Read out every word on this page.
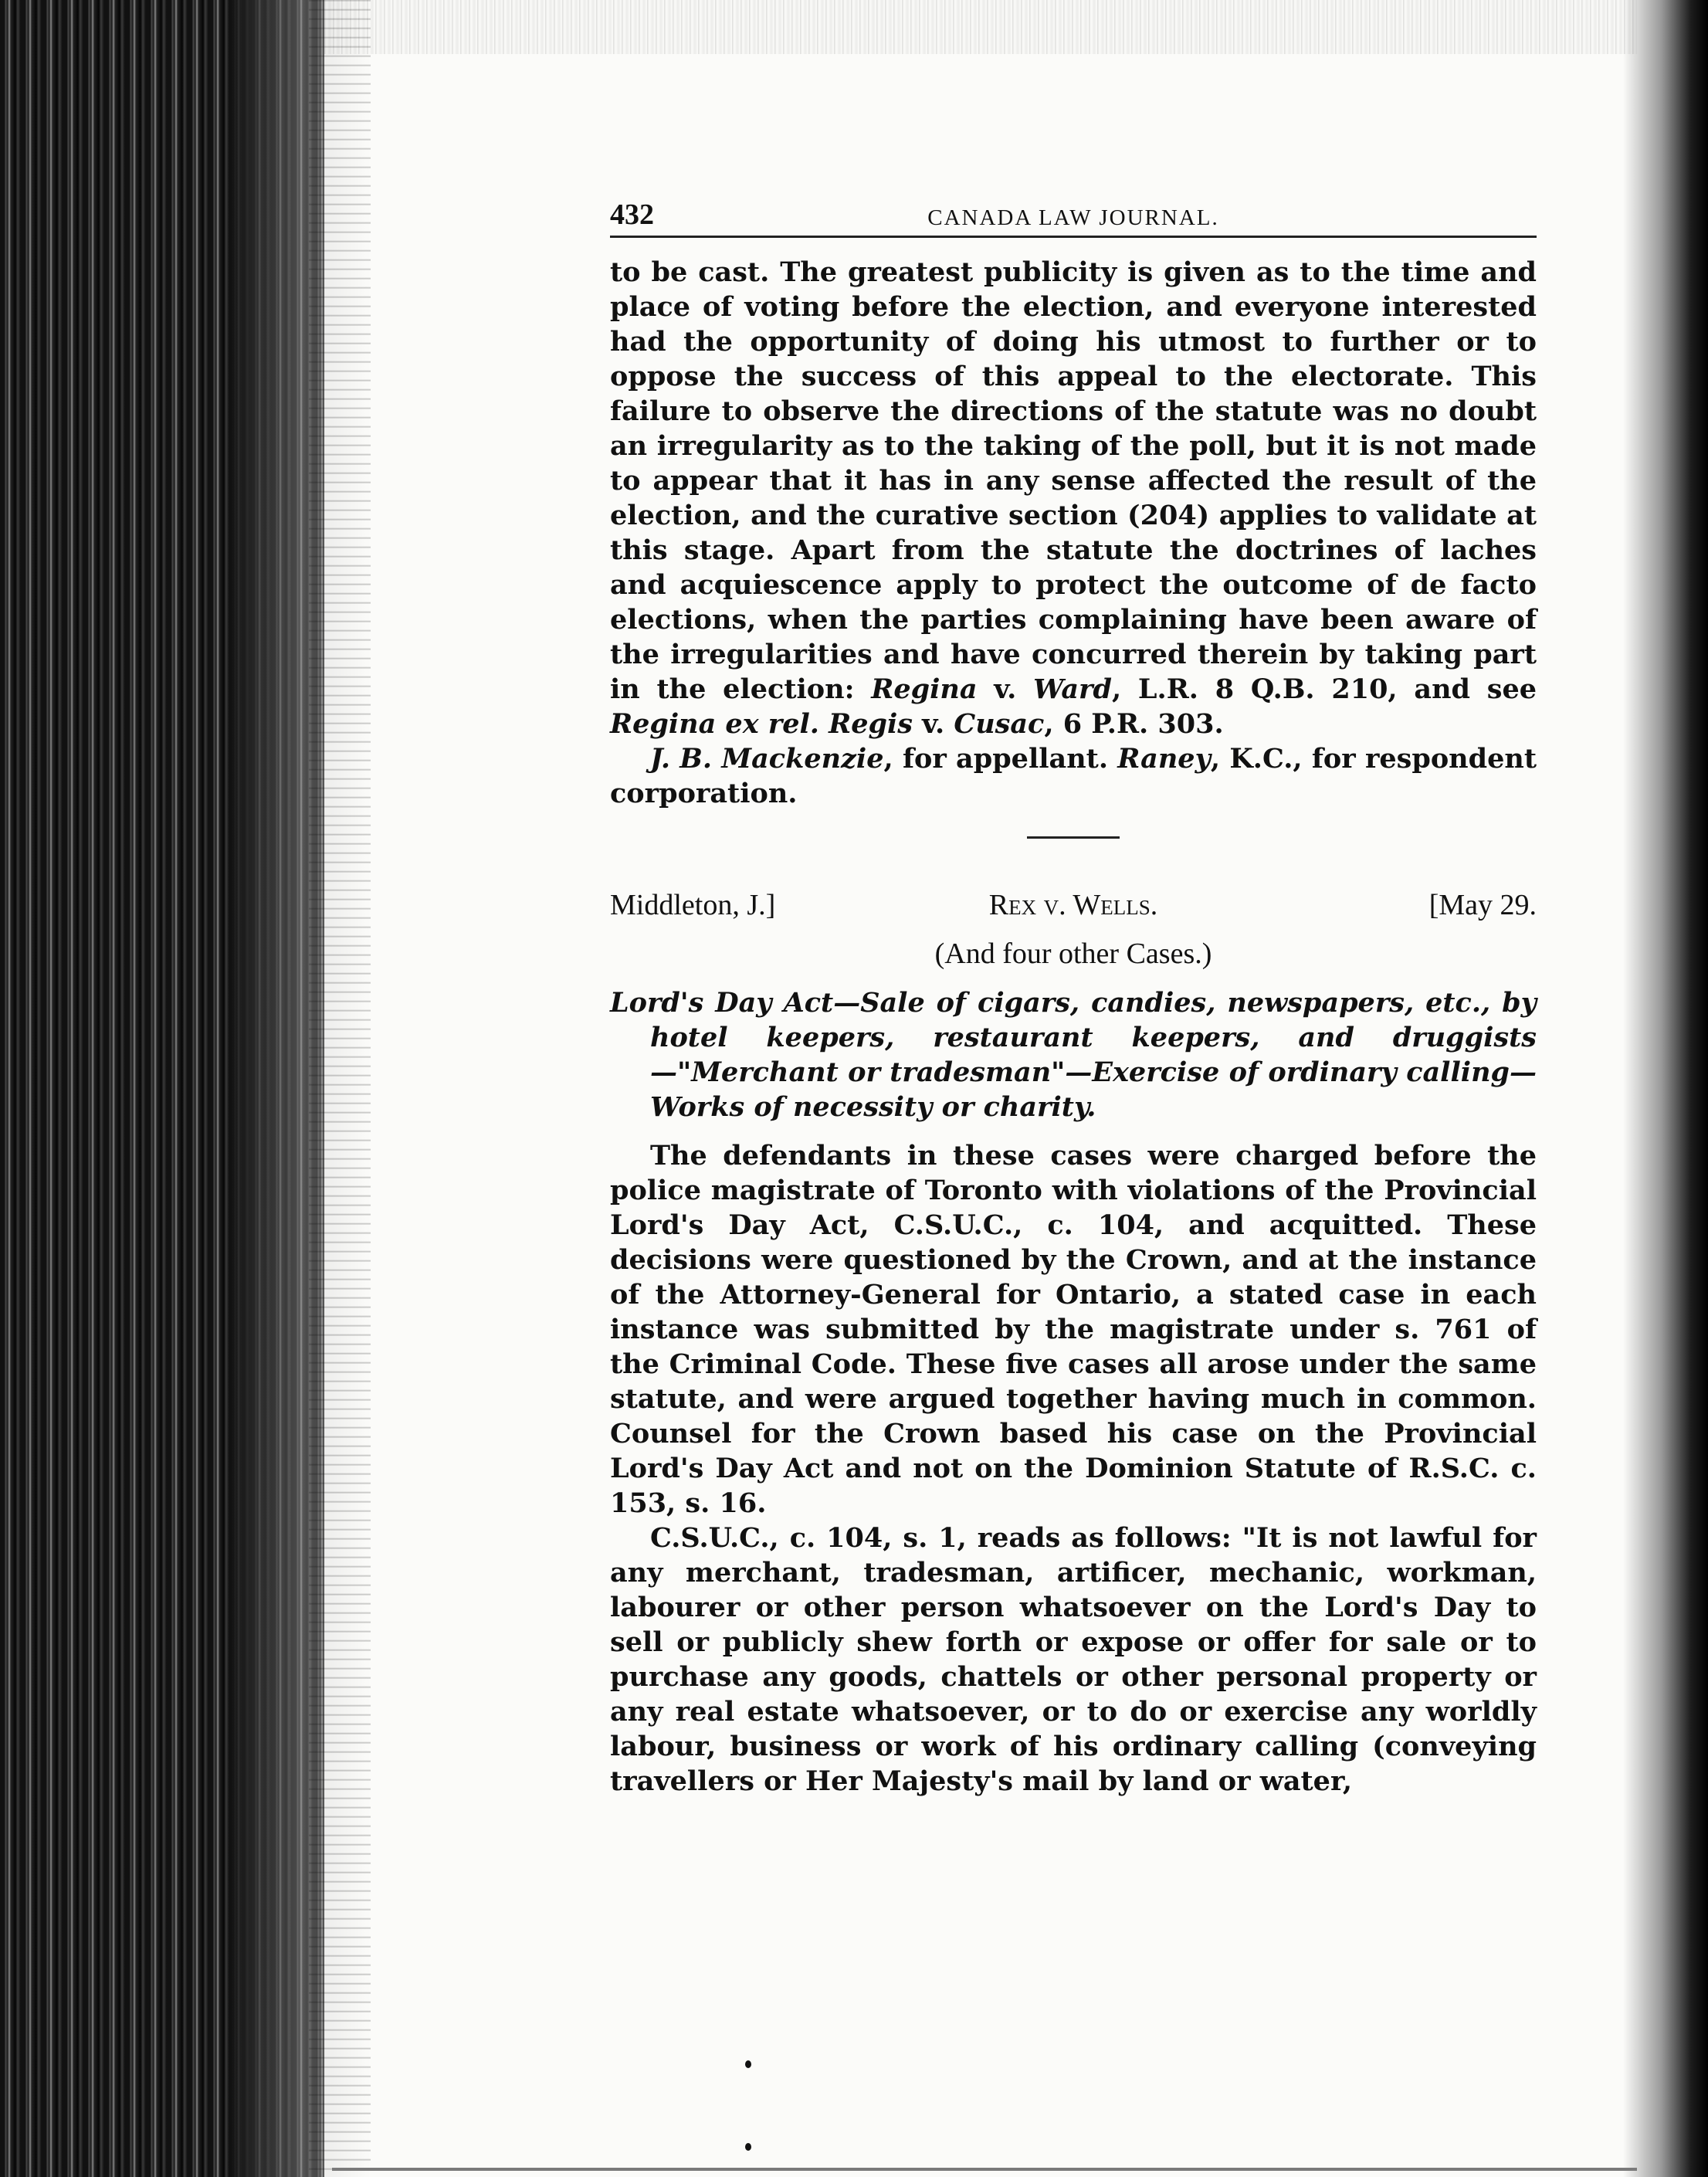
432	CANADA LAW JOURNAL.

to be cast. The greatest publicity is given as to the time and place of voting before the election, and everyone interested had the opportunity of doing his utmost to further or to oppose the success of this appeal to the electorate. This failure to observe the directions of the statute was no doubt an irregularity as to the taking of the poll, but it is not made to appear that it has in any sense affected the result of the election, and the curative section (204) applies to validate at this stage. Apart from the statute the doctrines of laches and acquiescence apply to protect the outcome of de facto elections, when the parties complaining have been aware of the irregularities and have concurred therein by taking part in the election: Regina v. Ward, L.R. 8 Q.B. 210, and see Regina ex rel. Regis v. Cusac, 6 P.R. 303.

J. B. Mackenzie, for appellant. Raney, K.C., for respondent corporation.

Middleton, J.]	Rex v. Wells.	[May 29.
(And four other Cases.)

Lord's Day Act—Sale of cigars, candies, newspapers, etc., by hotel keepers, restaurant keepers, and druggists—"Merchant or tradesman"—Exercise of ordinary calling—Works of necessity or charity.

The defendants in these cases were charged before the police magistrate of Toronto with violations of the Provincial Lord's Day Act, C.S.U.C., c. 104, and acquitted. These decisions were questioned by the Crown, and at the instance of the Attorney-General for Ontario, a stated case in each instance was submitted by the magistrate under s. 761 of the Criminal Code. These five cases all arose under the same statute, and were argued together having much in common. Counsel for the Crown based his case on the Provincial Lord's Day Act and not on the Dominion Statute of R.S.C. c. 153, s. 16.

C.S.U.C., c. 104, s. 1, reads as follows: "It is not lawful for any merchant, tradesman, artificer, mechanic, workman, labourer or other person whatsoever on the Lord's Day to sell or publicly shew forth or expose or offer for sale or to purchase any goods, chattels or other personal property or any real estate whatsoever, or to do or exercise any worldly labour, business or work of his ordinary calling (conveying travellers or Her Majesty's mail by land or water,
